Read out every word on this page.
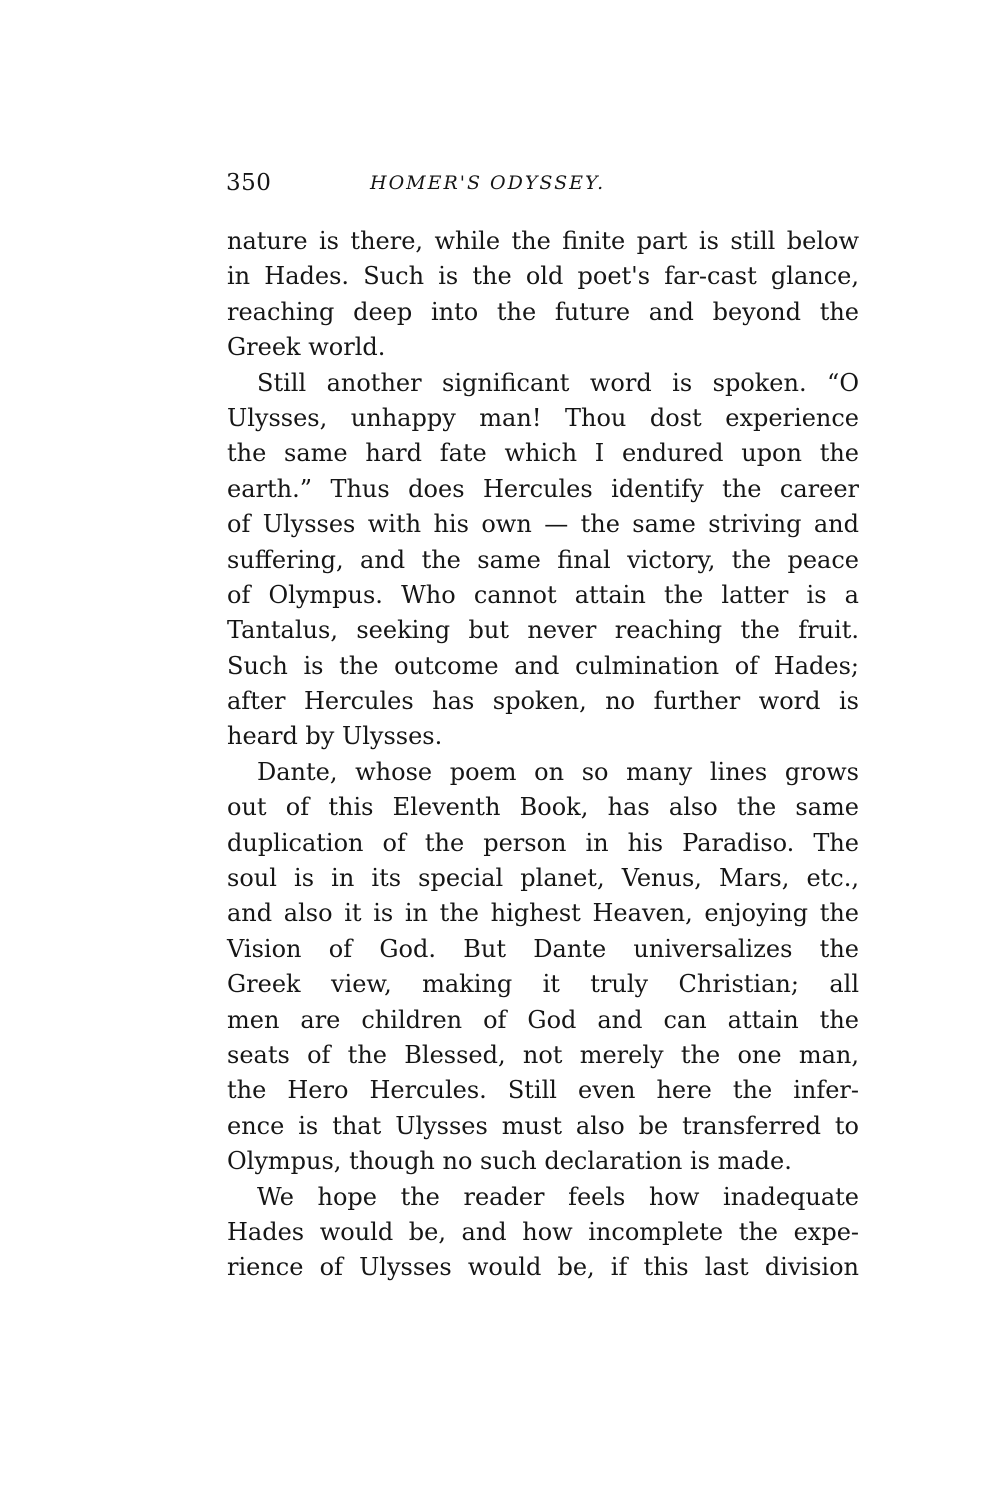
350	HOMER'S ODYSSEY.
nature is there, while the finite part is still below
in Hades. Such is the old poet's far-cast glance,
reaching deep into the future and beyond the
Greek world.
Still another significant word is spoken. “O
Ulysses, unhappy man! Thou dost experience
the same hard fate which I endured upon the
earth.” Thus does Hercules identify the career
of Ulysses with his own — the same striving and
suffering, and the same final victory, the peace
of Olympus. Who cannot attain the latter is a
Tantalus, seeking but never reaching the fruit.
Such is the outcome and culmination of Hades;
after Hercules has spoken, no further word is
heard by Ulysses.
Dante, whose poem on so many lines grows
out of this Eleventh Book, has also the same
duplication of the person in his Paradiso. The
soul is in its special planet, Venus, Mars, etc.,
and also it is in the highest Heaven, enjoying the
Vision of God. But Dante universalizes the
Greek view, making it truly Christian; all
men are children of God and can attain the
seats of the Blessed, not merely the one man,
the Hero Hercules. Still even here the infer-
ence is that Ulysses must also be transferred to
Olympus, though no such declaration is made.
We hope the reader feels how inadequate
Hades would be, and how incomplete the expe-
rience of Ulysses would be, if this last division
